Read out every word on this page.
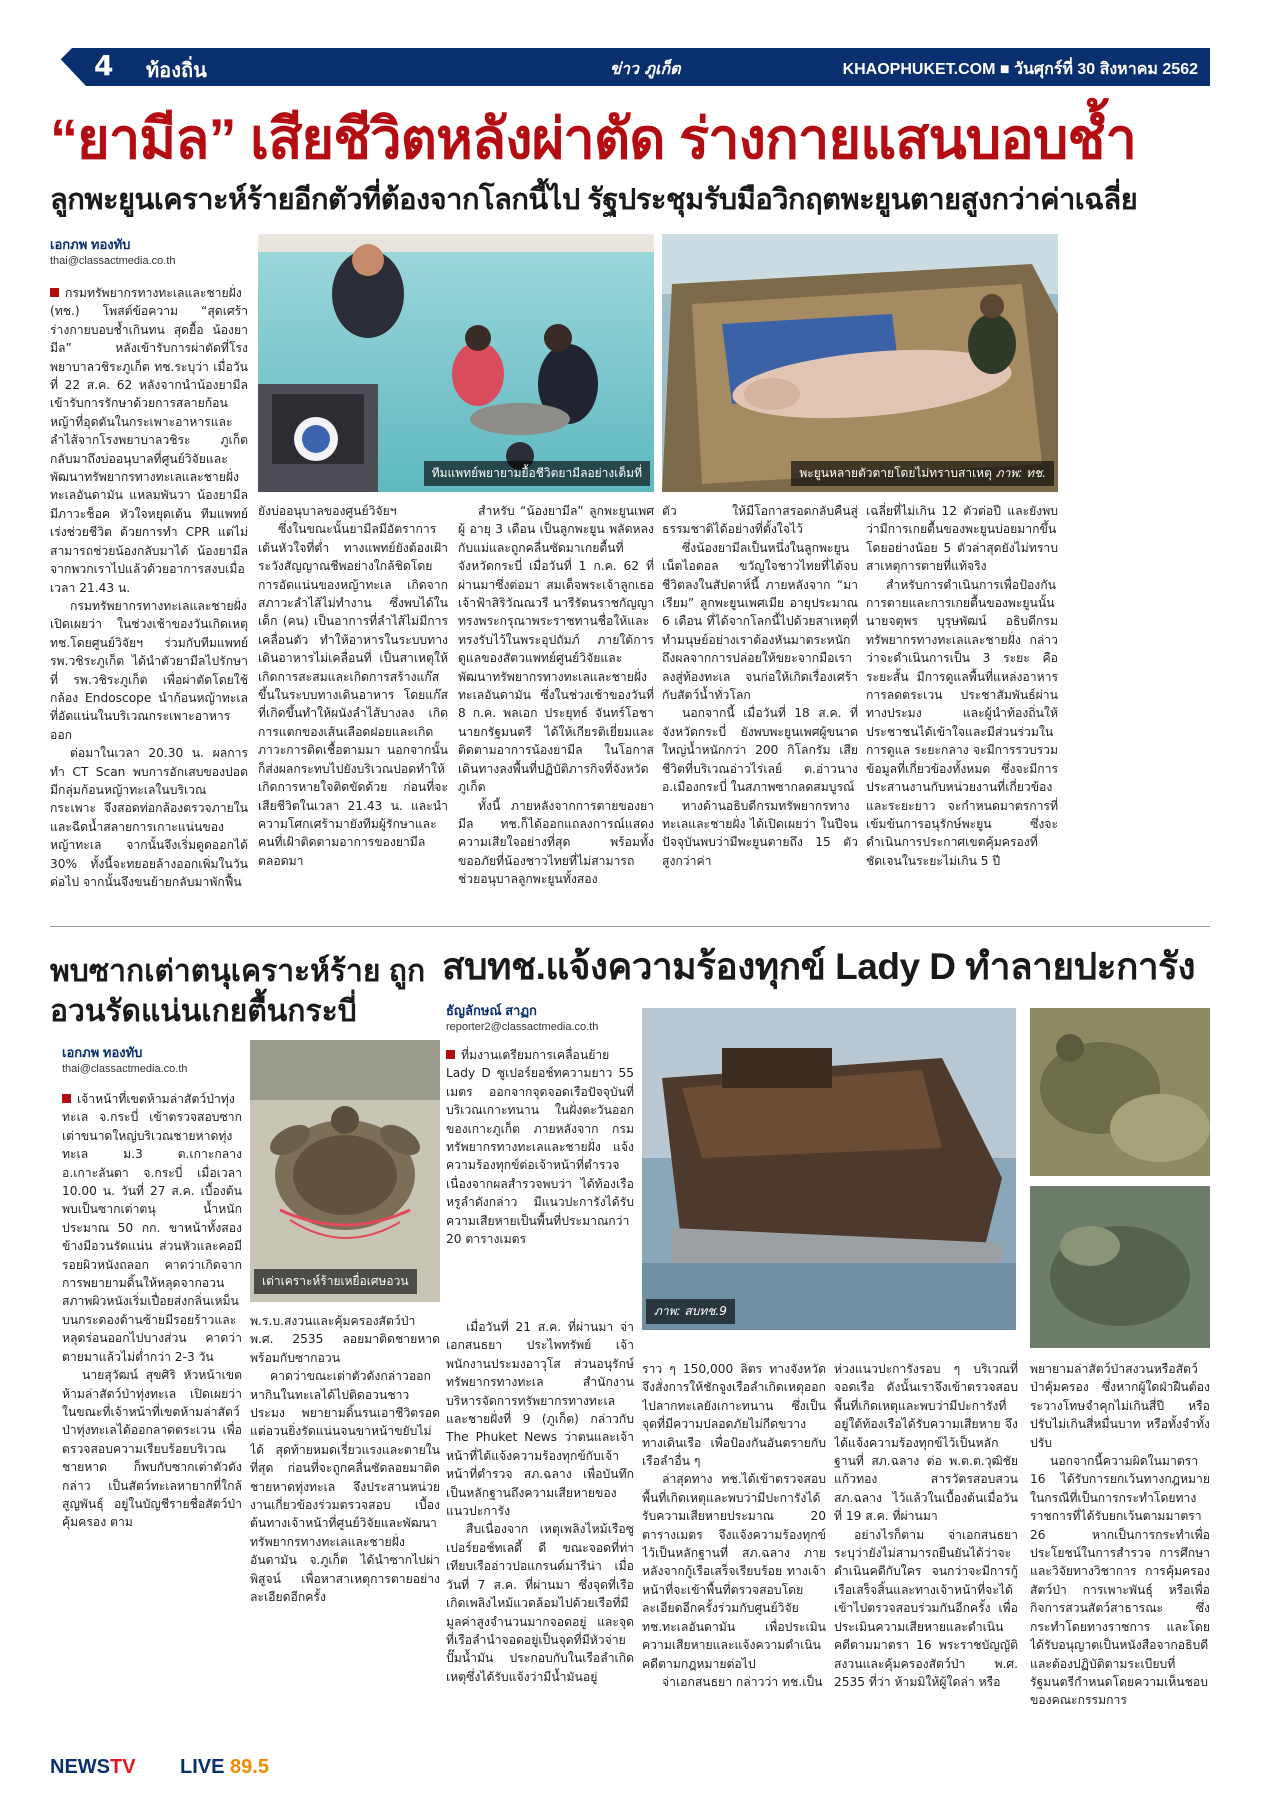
4 ท้องถิ่น	ข่าว ภูเก็ต	KHAOPHUKET.COM ■ วันศุกร์ที่ 30 สิงหาคม 2562
“ยามีล” เสียชีวิตหลังผ่าตัด ร่างกายแสนบอบช้ำ
ลูกพะยูนเคราะห์ร้ายอีกตัวที่ต้องจากโลกนี้ไป รัฐประชุมรับมือวิกฤตพะยูนตายสูงกว่าค่าเฉลี่ย
เอกภพ ทองทับ
thai@classactmedia.co.th

กรมทรัพยากรทางทะเลและชายฝั่ง (ทช.) โพสต์ข้อความ “สุดเศร้า ร่างกายบอบช้ำเกินทน สุดยื้อ น้องยามีล” หลังเข้ารับการผ่าตัดที่โรงพยาบาลวชิระภูเก็ต ทช.ระบุว่า เมื่อวันที่ 22 ส.ค. 62 หลังจากนำน้องยามีล เข้ารับการรักษาด้วยการสลายก้อนหญ้าที่อุดตันในกระเพาะอาหารและลำไส้จากโรงพยาบาลวชิระ ภูเก็ต กลับมาถึงบ่ออนุบาลที่ศูนย์วิจัยและพัฒนาทรัพยากรทางทะเลและชายฝั่งทะเลอันดามัน แหลมพันวา น้องยามีล มีภาวะช็อค หัวใจหยุดเต้น ทีมแพทย์เร่งช่วยชีวิต ด้วยการทำ CPR แต่ไม่สามารถช่วยน้องกลับมาได้ น้องยามีลจากพวกเราไปแล้วด้วยอาการสงบเมื่อเวลา 21.43 น.

กรมทรัพยากรทางทะเลและชายฝั่ง เปิดเผยว่า ในช่วงเช้าของวันเกิดเหตุ ทช.โดยศูนย์วิจัยฯ ร่วมกับทีมแพทย์ รพ.วชิระภูเก็ต ได้นำตัวยามีลไปรักษาที่ รพ.วชิระภูเก็ต เพื่อผ่าตัดโดยใช้กล้อง Endoscope นำก้อนหญ้าทะเลที่อัดแน่นในบริเวณกระเพาะอาหารออก

ต่อมาในเวลา 20.30 น. ผลการทำ CT Scan พบการอักเสบของปอด มีกลุ่มก้อนหญ้าทะเลในบริเวณกระเพาะ จึงสอดท่อกล้องตรวจภายในและฉีดน้ำสลายการเกาะแน่นของหญ้าทะเล จากนั้นจึงเริ่มดูดออกได้ 30% ทั้งนี้จะทยอยล้างออกเพิ่มในวันต่อไป จากนั้นจึงขนย้ายกลับมาพักฟื้น

ทีมแพทย์พยายามยื้อชีวิตยามีลอย่างเต็มที่	พะยูนหลายตัวตายโดยไม่ทราบสาเหตุ ภาพ: ทช.

ยังบ่ออนุบาลของศูนย์วิจัยฯ

ซึ่งในขณะนั้นยามีลมีอัตราการเต้นหัวใจที่ต่ำ ทางแพทย์ยังต้องเฝ้าระวังสัญญาณชีพอย่างใกล้ชิดโดยการอัดแน่นของหญ้าทะเล เกิดจากสภาวะลำไส้ไม่ทำงาน ซึ่งพบได้ในเด็ก (คน) เป็นอาการที่ลำไส้ไม่มีการเคลื่อนตัว ทำให้อาหารในระบบทางเดินอาหารไม่เคลื่อนที่ เป็นสาเหตุให้เกิดการสะสมและเกิดการสร้างแก๊สขึ้นในระบบทางเดินอาหาร โดยแก๊สที่เกิดขึ้นทำให้ผนังลำไส้บางลง เกิดการแตกของเส้นเลือดฝอยและเกิดภาวะการติดเชื้อตามมา นอกจากนั้นก็ส่งผลกระทบไปยังบริเวณปอดทำให้เกิดการหายใจติดขัดด้วย ก่อนที่จะเสียชีวิตในเวลา 21.43 น. และนำความโศกเศร้ามายังทีมผู้รักษาและคนที่เฝ้าติดตามอาการของยามีลตลอดมา

สำหรับ “น้องยามีล” ลูกพะยูนเพศผู้ อายุ 3 เดือน เป็นลูกพะยูน พลัดหลงกับแม่และถูกคลื่นซัดมาเกยตื้นที่จังหวัดกระบี่ เมื่อวันที่ 1 ก.ค. 62 ที่ผ่านมาซึ่งต่อมา สมเด็จพระเจ้าลูกเธอ เจ้าฟ้าสิริวัณณวรี นารีรัตนราชกัญญา ทรงพระกรุณาพระราชทานชื่อให้และทรงรับไว้ในพระอุปถัมภ์ ภายใต้การดูแลของสัตวแพทย์ศูนย์วิจัยและพัฒนาทรัพยากรทางทะเลและชายฝั่งทะเลอันดามัน ซึ่งในช่วงเช้าของวันที่ 8 ก.ค. พลเอก ประยุทธ์ จันทร์โอชา นายกรัฐมนตรี ได้ให้เกียรติเยี่ยมและติดตามอาการน้องยามีล ในโอกาสเดินทางลงพื้นที่ปฏิบัติภารกิจที่จังหวัดภูเก็ต

ทั้งนี้ ภายหลังจากการตายของยามีล ทช.ก็ได้ออกแถลงการณ์แสดงความเสียใจอย่างที่สุด พร้อมทั้งขออภัยที่น้องชาวไทยที่ไม่สามารถช่วยอนุบาลลูกพะยูนทั้งสอง

ตัว ให้มีโอกาสรอดกลับคืนสู่ธรรมชาติได้อย่างที่ตั้งใจไว้

ซึ่งน้องยามีลเป็นหนึ่งในลูกพะยูนเน็ตไอดอล ขวัญใจชาวไทยที่ได้จบชีวิตลงในสัปดาห์นี้ ภายหลังจาก “มาเรียม” ลูกพะยูนเพศเมีย อายุประมาณ 6 เดือน ที่ได้จากโลกนี้ไปด้วยสาเหตุที่ทำมนุษย์อย่างเราต้องหันมาตระหนัก ถึงผลจากการปล่อยให้ขยะจากมือเราลงสู่ท้องทะเล จนก่อให้เกิดเรื่องเศร้ากับสัตว์น้ำทั่วโลก

นอกจากนี้ เมื่อวันที่ 18 ส.ค. ที่จังหวัดกระบี่ ยังพบพะยูนเพศผู้ขนาดใหญ่น้ำหนักกว่า 200 กิโลกรัม เสียชีวิตที่บริเวณอ่าวไร่เลย์ ต.อ่าวนาง อ.เมืองกระบี่ ในสภาพซากลดสมบูรณ์

ทางด้านอธิบดีกรมทรัพยากรทางทะเลและชายฝั่ง ได้เปิดเผยว่า ในปีจนปัจจุบันพบว่ามีพะยูนตายถึง 15 ตัว สูงกว่าค่า

เฉลี่ยที่ไม่เกิน 12 ตัวต่อปี และยังพบว่ามีการเกยตื้นของพะยูนบ่อยมากขึ้น โดยอย่างน้อย 5 ตัวล่าสุดยังไม่ทราบสาเหตุการตายที่แท้จริง

สำหรับการดำเนินการเพื่อป้องกันการตายและการเกยตื้นของพะยูนนั้น นายจตุพร บุรุษพัฒน์ อธิบดีกรมทรัพยากรทางทะเลและชายฝั่ง กล่าวว่าจะดำเนินการเป็น 3 ระยะ คือระยะสั้น มีการดูแลพื้นที่แหล่งอาหาร การลดตระเวน ประชาสัมพันธ์ผ่านทางประมง และผู้นำท้องถิ่นให้ประชาชนได้เข้าใจและมีส่วนร่วมในการดูแล ระยะกลาง จะมีการรวบรวมข้อมูลที่เกี่ยวข้องทั้งหมด ซึ่งจะมีการประสานงานกับหน่วยงานที่เกี่ยวข้อง และระยะยาว จะกำหนดมาตรการที่เข้มข้นการอนุรักษ์พะยูน ซึ่งจะดำเนินการประกาศเขตคุ้มครองที่ชัดเจนในระยะไม่เกิน 5 ปี

พบซากเต่าตนุเคราะห์ร้าย ถูกอวนรัดแน่นเกยตื้นกระบี่
เอกภพ ทองทับ
thai@classactmedia.co.th
เต่าเคราะห์ร้ายเหยื่อเศษอวน

เจ้าหน้าที่เขตห้ามล่าสัตว์ป่าทุ่งทะเล จ.กระบี่ เข้าตรวจสอบซากเต่าขนาดใหญ่บริเวณชายหาดทุ่งทะเล ม.3 ต.เกาะกลาง อ.เกาะลันตา จ.กระบี่ เมื่อเวลา 10.00 น. วันที่ 27 ส.ค. เบื้องต้นพบเป็นซากเต่าตนุ น้ำหนักประมาณ 50 กก. ขาหน้าทั้งสองข้างมีอวนรัดแน่น ส่วนหัวและคอมีรอยผิวหนังถลอก คาดว่าเกิดจากการพยายามดิ้นให้หลุดจากอวน สภาพผิวหนังเริ่มเปื่อยส่งกลิ่นเหม็น บนกระดองด้านซ้ายมีรอยร้าวและหลุดร่อนออกไปบางส่วน คาดว่าตายมาแล้วไม่ต่ำกว่า 2-3 วัน

นายสุวัฒน์ สุขศิริ หัวหน้าเขตห้ามล่าสัตว์ป่าทุ่งทะเล เปิดเผยว่า ในขณะที่เจ้าหน้าที่เขตห้ามล่าสัตว์ป่าทุ่งทะเลได้ออกลาดตระเวน เพื่อตรวจสอบความเรียบร้อยบริเวณชายหาด ก็พบกับซากเต่าตัวดังกล่าว เป็นสัตว์ทะเลหายากที่ใกล้สูญพันธุ์ อยู่ในบัญชีรายชื่อสัตว์ป่าคุ้มครอง ตาม

พ.ร.บ.สงวนและคุ้มครองสัตว์ป่า พ.ศ. 2535 ลอยมาติดชายหาด พร้อมกับซากอวน

คาดว่าขณะเต่าตัวดังกล่าวออกหากินในทะเลได้ไปติดอวนชาวประมง พยายามดิ้นรนเอาชีวิตรอด แต่อวนยิ่งรัดแน่นจนขาหน้าขยับไม่ได้ สุดท้ายหมดเรี่ยวแรงและตายในที่สุด ก่อนที่จะถูกคลื่นซัดลอยมาติดชายหาดทุ่งทะเล จึงประสานหน่วยงานเกี่ยวข้องร่วมตรวจสอบ เบื้องต้นทางเจ้าหน้าที่ศูนย์วิจัยและพัฒนาทรัพยากรทางทะเลและชายฝั่งอันดามัน จ.ภูเก็ต ได้นำซากไปผ่าพิสูจน์ เพื่อหาสาเหตุการตายอย่างละเอียดอีกครั้ง

สบทช.แจ้งความร้องทุกข์ Lady D ทำลายปะการัง
ธัญลักษณ์ สาฏก
reporter2@classactmedia.co.th

ที่มงานเตรียมการเคลื่อนย้าย Lady D ซูเปอร์ยอช์ทความยาว 55 เมตร ออกจากจุดจอดเรือปัจจุบันที่บริเวณเกาะทนาน ในฝั่งตะวันออกของเกาะภูเก็ต ภายหลังจาก กรมทรัพยากรทางทะเลและชายฝั่ง แจ้งความร้องทุกข์ต่อเจ้าหน้าที่ตำรวจ เนื่องจากผลสำรวจพบว่า ได้ท้องเรือหรูลำดังกล่าว มีแนวปะการังได้รับความเสียหายเป็นพื้นที่ประมาณกว่า 20 ตารางเมตร

ภาพ: สบทช.9

เมื่อวันที่ 21 ส.ค. ที่ผ่านมา จ่าเอกสนธยา ประไพทรัพย์ เจ้าพนักงานประมงอาวุโส ส่วนอนุรักษ์ทรัพยากรทางทะเล สำนักงานบริหารจัดการทรัพยากรทางทะเลและชายฝั่งที่ 9 (ภูเก็ต) กล่าวกับ The Phuket News ว่าตนและเจ้าหน้าที่ได้แจ้งความร้องทุกข์กับเจ้าหน้าที่ตำรวจ สภ.ฉลาง เพื่อบันทึกเป็นหลักฐานถึงความเสียหายของแนวปะการัง

สืบเนื่องจาก เหตุเพลิงไหม้เรือซูเปอร์ยอช์ทเลดี้ ดี ขณะจอดที่ท่าเทียบเรืออ่าวปอแกรนด์มารีน่า เมื่อวันที่ 7 ส.ค. ที่ผ่านมา ซึ่งจุดที่เรือเกิดเพลิงไหม้แวดล้อมไปด้วยเรือที่มีมูลค่าสูงจำนวนมากจอดอยู่ และจุดที่เรือลำนำจอดอยู่เป็นจุดที่มีหัวจ่ายปั๊มน้ำมัน ประกอบกับในเรือลำเกิดเหตุซึ่งได้รับแจ้งว่ามีน้ำมันอยู่

ราว ๆ 150,000 ลิตร ทางจังหวัดจึงสั่งการให้ชักจูงเรือลำเกิดเหตุออกไปลากทะเลยังเกาะทนาน ซึ่งเป็นจุดที่มีความปลอดภัยไม่กีดขวางทางเดินเรือ เพื่อป้องกันอันตรายกับเรือลำอื่น ๆ

ล่าสุดทาง ทช.ได้เข้าตรวจสอบพื้นที่เกิดเหตุและพบว่ามีปะการังได้รับความเสียหายประมาณ 20 ตารางเมตร จึงแจ้งความร้องทุกข์ไว้เป็นหลักฐานที่ สภ.ฉลาง ภายหลังจากกู้เรือเสร็จเรียบร้อย ทางเจ้าหน้าที่จะเข้าพื้นที่ตรวจสอบโดยละเอียดอีกครั้งร่วมกับศูนย์วิจัย ทช.ทะเลอันดามัน เพื่อประเมินความเสียหายและแจ้งความดำเนินคดีตามกฎหมายต่อไป

จ่าเอกสนธยา กล่าวว่า ทช.เป็น

ห่วงแนวปะการังรอบ ๆ บริเวณที่จอดเรือ ดังนั้นเราจึงเข้าตรวจสอบพื้นที่เกิดเหตุและพบว่ามีปะการังที่อยู่ใต้ท้องเรือได้รับความเสียหาย จึงได้แจ้งความร้องทุกข์ไว้เป็นหลักฐานที่ สภ.ฉลาง ต่อ พ.ต.ต.วุฒิชัย แก้วทอง สารวัตรสอบสวน สภ.ฉลาง ไว้แล้วในเบื้องต้นเมื่อวันที่ 19 ส.ค. ที่ผ่านมา

อย่างไรก็ตาม จ่าเอกสนธยาระบุว่ายังไม่สามารถยืนยันได้ว่าจะดำเนินคดีกับใคร จนกว่าจะมีการกู้เรือเสร็จสิ้นและทางเจ้าหน้าที่จะได้เข้าไปตรวจสอบร่วมกันอีกครั้ง เพื่อประเมินความเสียหายและดำเนินคดีตามมาตรา 16 พระราชบัญญัติสงวนและคุ้มครองสัตว์ป่า พ.ศ. 2535 ที่ว่า ห้ามมิให้ผู้ใดล่า หรือ

พยายามล่าสัตว์ป่าสงวนหรือสัตว์ป่าคุ้มครอง ซึ่งหากผู้ใดฝ่าฝืนต้องระวางโทษจำคุกไม่เกินสี่ปี หรือปรับไม่เกินสี่หมื่นบาท หรือทั้งจำทั้งปรับ

นอกจากนี้ความผิดในมาตรา 16 ได้รับการยกเว้นทางกฎหมายในกรณีที่เป็นการกระทำโดยทางราชการที่ได้รับยกเว้นตามมาตรา 26 หากเป็นการกระทำเพื่อประโยชน์ในการสำรวจ การศึกษาและวิจัยทางวิชาการ การคุ้มครองสัตว์ป่า การเพาะพันธุ์ หรือเพื่อกิจการสวนสัตว์สาธารณะ ซึ่งกระทำโดยทางราชการ และโดยได้รับอนุญาตเป็นหนังสือจากอธิบดี และต้องปฏิบัติตามระเบียบที่รัฐมนตรีกำหนดโดยความเห็นชอบของคณะกรรมการ

NEWSTV LIVE 89.5
